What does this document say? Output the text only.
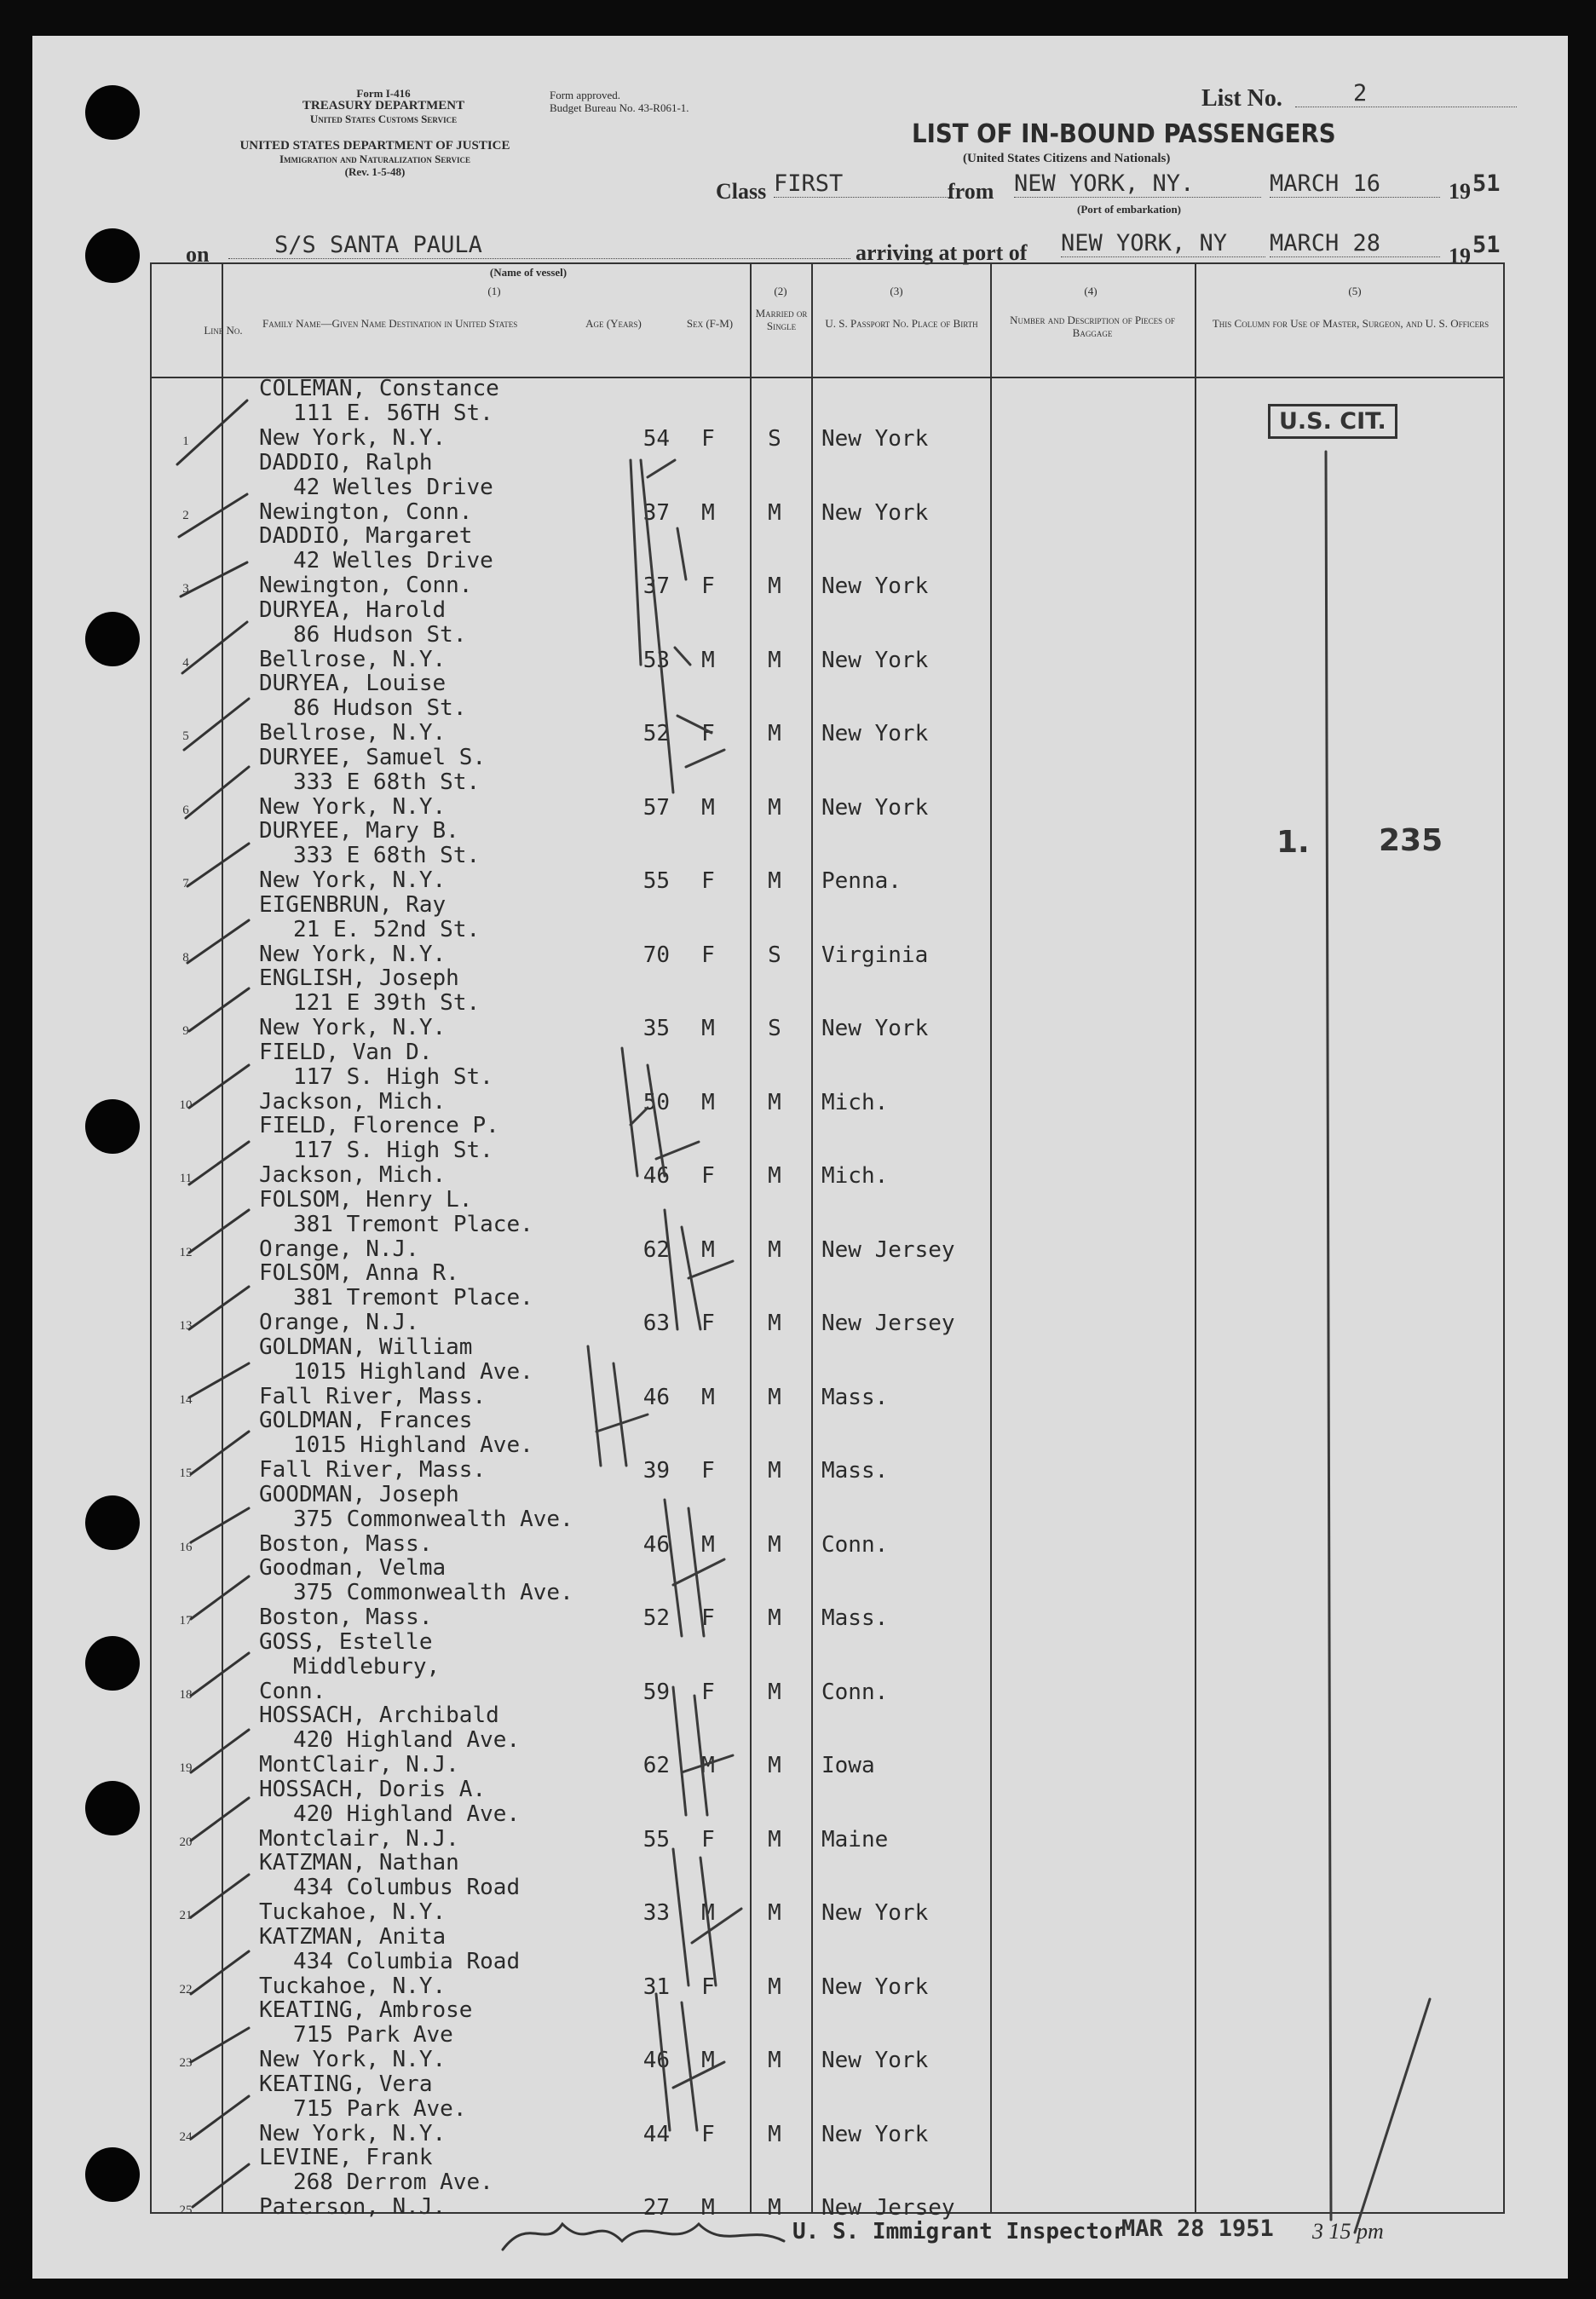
Form I-416
TREASURY DEPARTMENT
United States Customs Service
UNITED STATES DEPARTMENT OF JUSTICE
Immigration and Naturalization Service
(Rev. 1-5-48)
Form approved.
Budget Bureau No. 43-R061-1.	List No.	2
LIST OF IN-BOUND PASSENGERS
(United States Citizens and Nationals)
Class FIRST	from NEW YORK, NY.
(Port of embarkation)
MARCH 16	19 51
on	S/S SANTA PAULA
(Name of vessel)
arriving at port of NEW YORK, NY	MARCH 28	19 51
(1)	(2)	(3)	(4)	(5)
Line No.
Family Name—Given Name Destination in United States	Age (Years)	Sex (F-M)
Married or Single	U. S. Passport No. Place of Birth	Number and Description of Pieces of Baggage
This Column for Use of Master, Surgeon, and U. S. Officers
1
COLEMAN, Constance
111 E. 56TH St.
New York, N.Y.	54	F	S	New York
2
DADDIO, Ralph
42 Welles Drive
Newington, Conn.	37	M	M	New York
3
DADDIO, Margaret
42 Welles Drive
Newington, Conn.	37	F	M	New York
4
DURYEA, Harold
86 Hudson St.
Bellrose, N.Y.	53	M	M	New York
5
DURYEA, Louise
86 Hudson St.
Bellrose, N.Y.	52	F	M	New York
6
DURYEE, Samuel S.
333 E 68th St.
New York, N.Y.	57	M	M	New York
7
DURYEE, Mary B.
333 E 68th St.
New York, N.Y.	55	F	M	Penna.
8
EIGENBRUN, Ray
21 E. 52nd St.
New York, N.Y.	70	F	S	Virginia
9
ENGLISH, Joseph
121 E 39th St.
New York, N.Y.	35	M	S	New York
10
FIELD, Van D.
117 S. High St.
Jackson, Mich.	50	M	M	Mich.
11
FIELD, Florence P.
117 S. High St.
Jackson, Mich.	46	F	M	Mich.
12
FOLSOM, Henry L.
381 Tremont Place.
Orange, N.J.	62	M	M	New Jersey
13
FOLSOM, Anna R.
381 Tremont Place.
Orange, N.J.	63	F	M	New Jersey
14
GOLDMAN, William
1015 Highland Ave.
Fall River, Mass.	46	M	M	Mass.
15
GOLDMAN, Frances
1015 Highland Ave.
Fall River, Mass.	39	F	M	Mass.
16
GOODMAN, Joseph
375 Commonwealth Ave.
Boston, Mass.	46	M	M	Conn.
17
Goodman, Velma
375 Commonwealth Ave.
Boston, Mass.	52	F	M	Mass.
18
GOSS, Estelle
Middlebury,
Conn.	59	F	M	Conn.
19
HOSSACH, Archibald
420 Highland Ave.
MontClair, N.J.	62	M	M	Iowa
20
HOSSACH, Doris A.
420 Highland Ave.
Montclair, N.J.	55	F	M	Maine
21
KATZMAN, Nathan
434 Columbus Road
Tuckahoe, N.Y.	33	M	M	New York
22
KATZMAN, Anita
434 Columbia Road
Tuckahoe, N.Y.	31	F	M	New York
23
KEATING, Ambrose
715 Park Ave
New York, N.Y.	46	M	M	New York
24
KEATING, Vera
715 Park Ave.
New York, N.Y.	44	F	M	New York
25
LEVINE, Frank
268 Derrom Ave.
Paterson, N.J.	27	M	M	New Jersey
U.S. CIT.
1. 235
U. S. Immigrant Inspector
MAR 28 1951 3 15 pm
